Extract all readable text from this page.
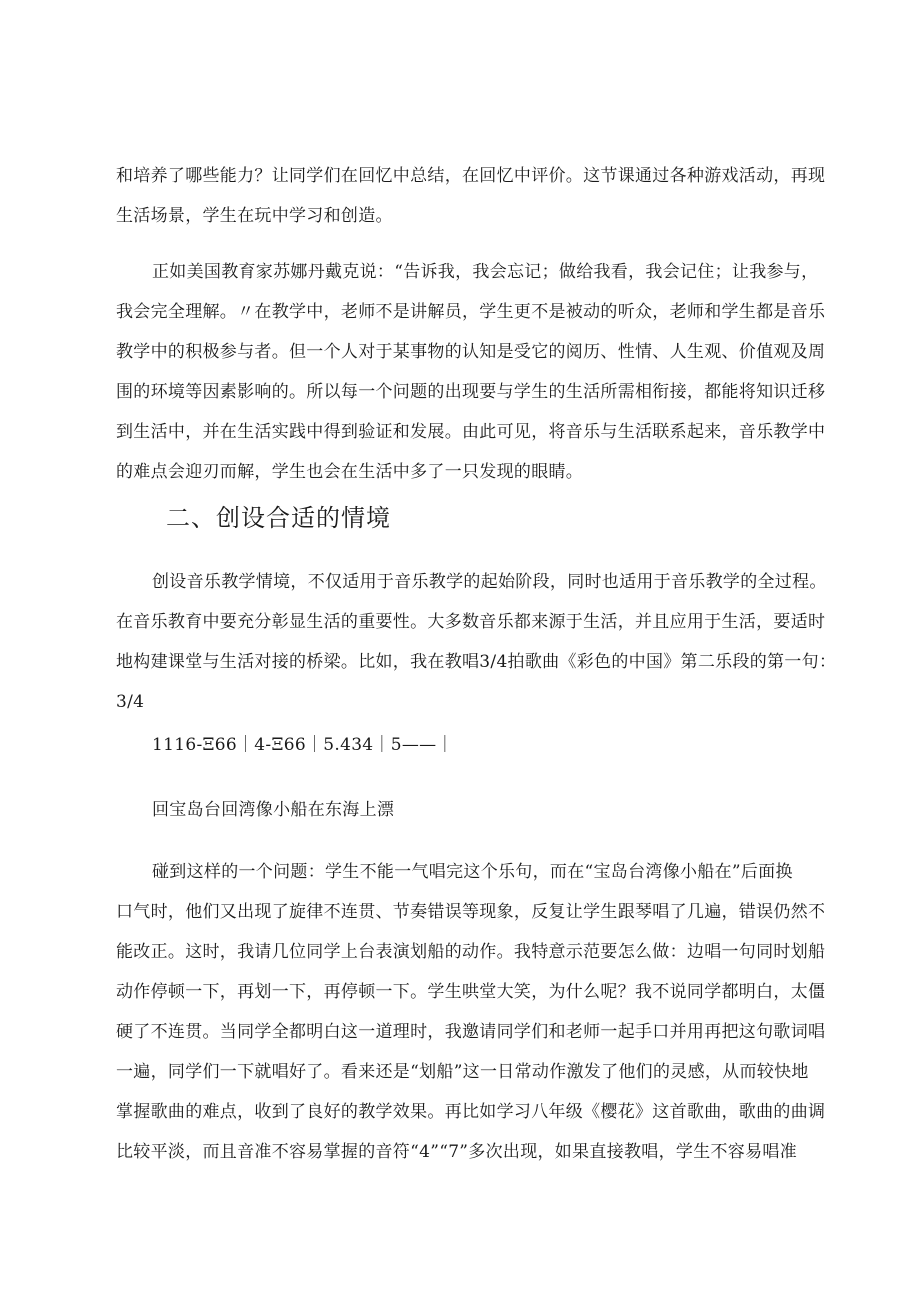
和培养了哪些能力？让同学们在回忆中总结，在回忆中评价。这节课通过各种游戏活动，再现
生活场景，学生在玩中学习和创造。

正如美国教育家苏娜丹戴克说：“告诉我，我会忘记；做给我看，我会记住；让我参与，
我会完全理解。〃在教学中，老师不是讲解员，学生更不是被动的听众，老师和学生都是音乐
教学中的积极参与者。但一个人对于某事物的认知是受它的阅历、性情、人生观、价值观及周
围的环境等因素影响的。所以每一个问题的出现要与学生的生活所需相衔接，都能将知识迁移
到生活中，并在生活实践中得到验证和发展。由此可见，将音乐与生活联系起来，音乐教学中
的难点会迎刃而解，学生也会在生活中多了一只发现的眼睛。

二、创设合适的情境

创设音乐教学情境，不仅适用于音乐教学的起始阶段，同时也适用于音乐教学的全过程。
在音乐教育中要充分彰显生活的重要性。大多数音乐都来源于生活，并且应用于生活，要适时
地构建课堂与生活对接的桥梁。比如，我在教唱3/4拍歌曲《彩色的中国》第二乐段的第一句：
3/4

1116-Ξ66｜4-Ξ66｜5.434｜5——｜

回宝岛台回湾像小船在东海上漂

碰到这样的一个问题：学生不能一气唱完这个乐句，而在“宝岛台湾像小船在”后面换
口气时，他们又出现了旋律不连贯、节奏错误等现象，反复让学生跟琴唱了几遍，错误仍然不
能改正。这时，我请几位同学上台表演划船的动作。我特意示范要怎么做：边唱一句同时划船
动作停顿一下，再划一下，再停顿一下。学生哄堂大笑，为什么呢？我不说同学都明白，太僵
硬了不连贯。当同学全都明白这一道理时，我邀请同学们和老师一起手口并用再把这句歌词唱
一遍，同学们一下就唱好了。看来还是“划船”这一日常动作激发了他们的灵感，从而较快地
掌握歌曲的难点，收到了良好的教学效果。再比如学习八年级《樱花》这首歌曲，歌曲的曲调
比较平淡，而且音准不容易掌握的音符“4”“7”多次出现，如果直接教唱，学生不容易唱准
